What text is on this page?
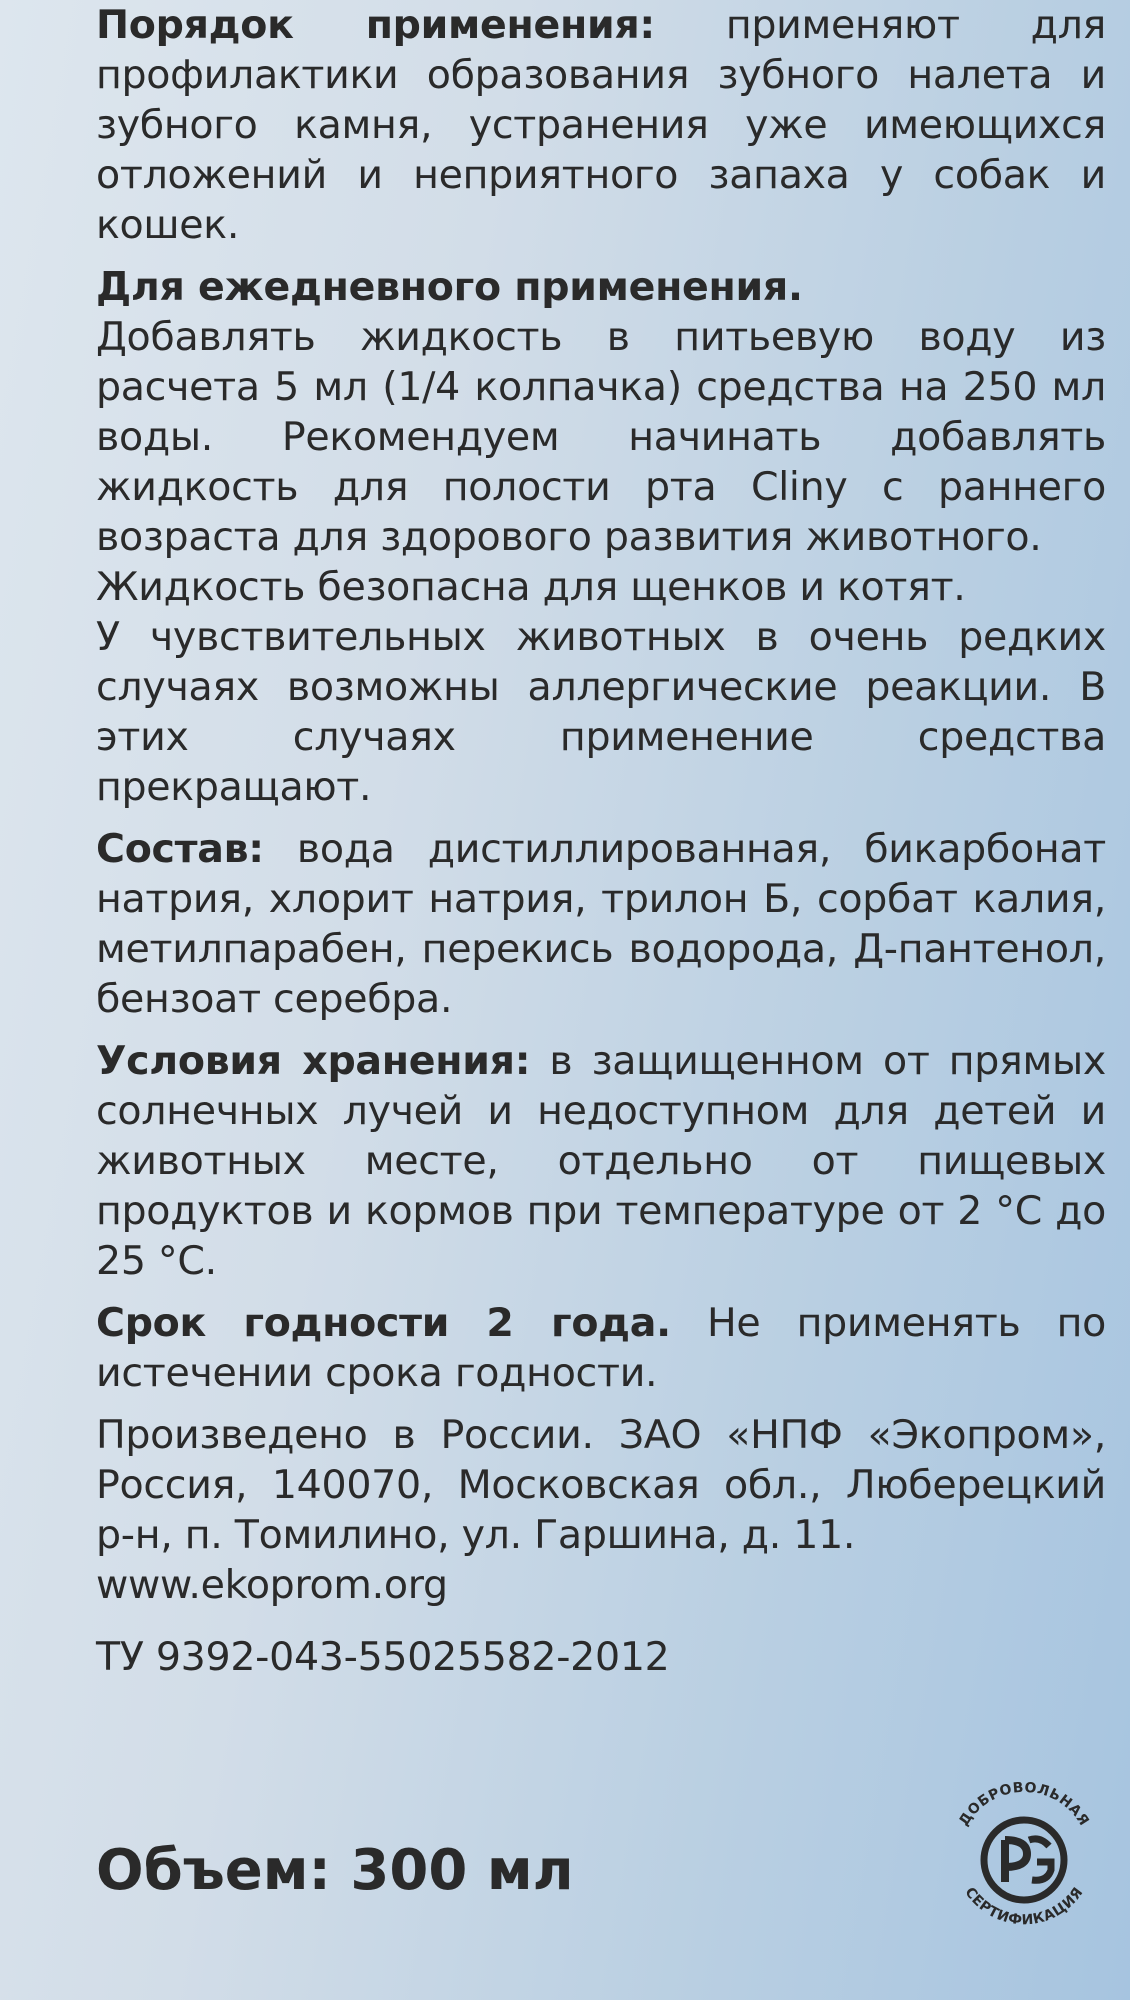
Порядок применения: применяют для профилактики образования зубного налета и зубного камня, устранения уже имеющихся отложений и неприятного запаха у собак и кошек.

Для ежедневного применения.

Добавлять жидкость в питьевую воду из расчета 5 мл (1/4 колпачка) средства на 250 мл воды. Рекомендуем начинать добавлять жидкость для полости рта Cliny с раннего возраста для здорового развития животного.

Жидкость безопасна для щенков и котят.

У чувствительных животных в очень редких случаях возможны аллергические реакции. В этих случаях применение средства прекращают.

Состав: вода дистиллированная, бикарбонат натрия, хлорит натрия, трилон Б, сорбат калия, метилпарабен, перекись водорода, Д-пантенол, бензоат серебра.

Условия хранения: в защищенном от прямых солнечных лучей и недоступном для детей и животных месте, отдельно от пищевых продуктов и кормов при температуре от 2 °С до 25 °С.

Срок годности 2 года. Не применять по истечении срока годности.

Произведено в России. ЗАО «НПФ «Экопром», Россия, 140070, Московская обл., Люберецкий р-н, п. Томилино, ул. Гаршина, д. 11.

www.ekoprom.org

ТУ 9392-043-55025582-2012

Объем: 300 мл
ДОБРОВОЛЬНАЯ
СЕРТИФИКАЦИЯ
